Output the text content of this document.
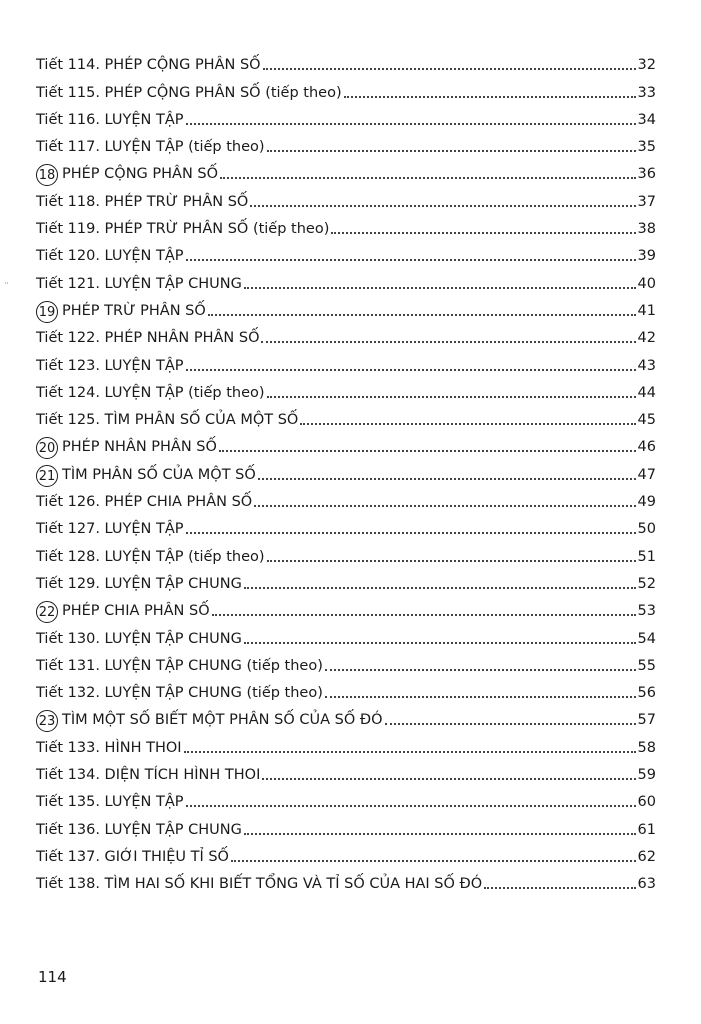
¨
Tiết 114. PHÉP CỘNG PHÂN SỐ	32
Tiết 115. PHÉP CỘNG PHÂN SỐ (tiếp theo)	33
Tiết 116. LUYỆN TẬP	34
Tiết 117. LUYỆN TẬP (tiếp theo)	35
18 PHÉP CỘNG PHÂN SỐ	36
Tiết 118. PHÉP TRỪ PHÂN SỐ	37
Tiết 119. PHÉP TRỪ PHÂN SỐ (tiếp theo)	38
Tiết 120. LUYỆN TẬP	39
Tiết 121. LUYỆN TẬP CHUNG	40
19 PHÉP TRỪ PHÂN SỐ	41
Tiết 122. PHÉP NHÂN PHÂN SỐ	42
Tiết 123. LUYỆN TẬP	43
Tiết 124. LUYỆN TẬP (tiếp theo)	44
Tiết 125. TÌM PHÂN SỐ CỦA MỘT SỐ	45
20 PHÉP NHÂN PHÂN SỐ	46
21 TÌM PHÂN SỐ CỦA MỘT SỐ	47
Tiết 126. PHÉP CHIA PHÂN SỐ	49
Tiết 127. LUYỆN TẬP	50
Tiết 128. LUYỆN TẬP (tiếp theo)	51
Tiết 129. LUYỆN TẬP CHUNG	52
22 PHÉP CHIA PHÂN SỐ	53
Tiết 130. LUYỆN TẬP CHUNG	54
Tiết 131. LUYỆN TẬP CHUNG (tiếp theo)	55
Tiết 132. LUYỆN TẬP CHUNG (tiếp theo)	56
23 TÌM MỘT SỐ BIẾT MỘT PHÂN SỐ CỦA SỐ ĐÓ	57
Tiết 133. HÌNH THOI	58
Tiết 134. DIỆN TÍCH HÌNH THOI	59
Tiết 135. LUYỆN TẬP	60
Tiết 136. LUYỆN TẬP CHUNG	61
Tiết 137. GIỚI THIỆU TỈ SỐ	62
Tiết 138. TÌM HAI SỐ KHI BIẾT TỔNG VÀ TỈ SỐ CỦA HAI SỐ ĐÓ	63
114
